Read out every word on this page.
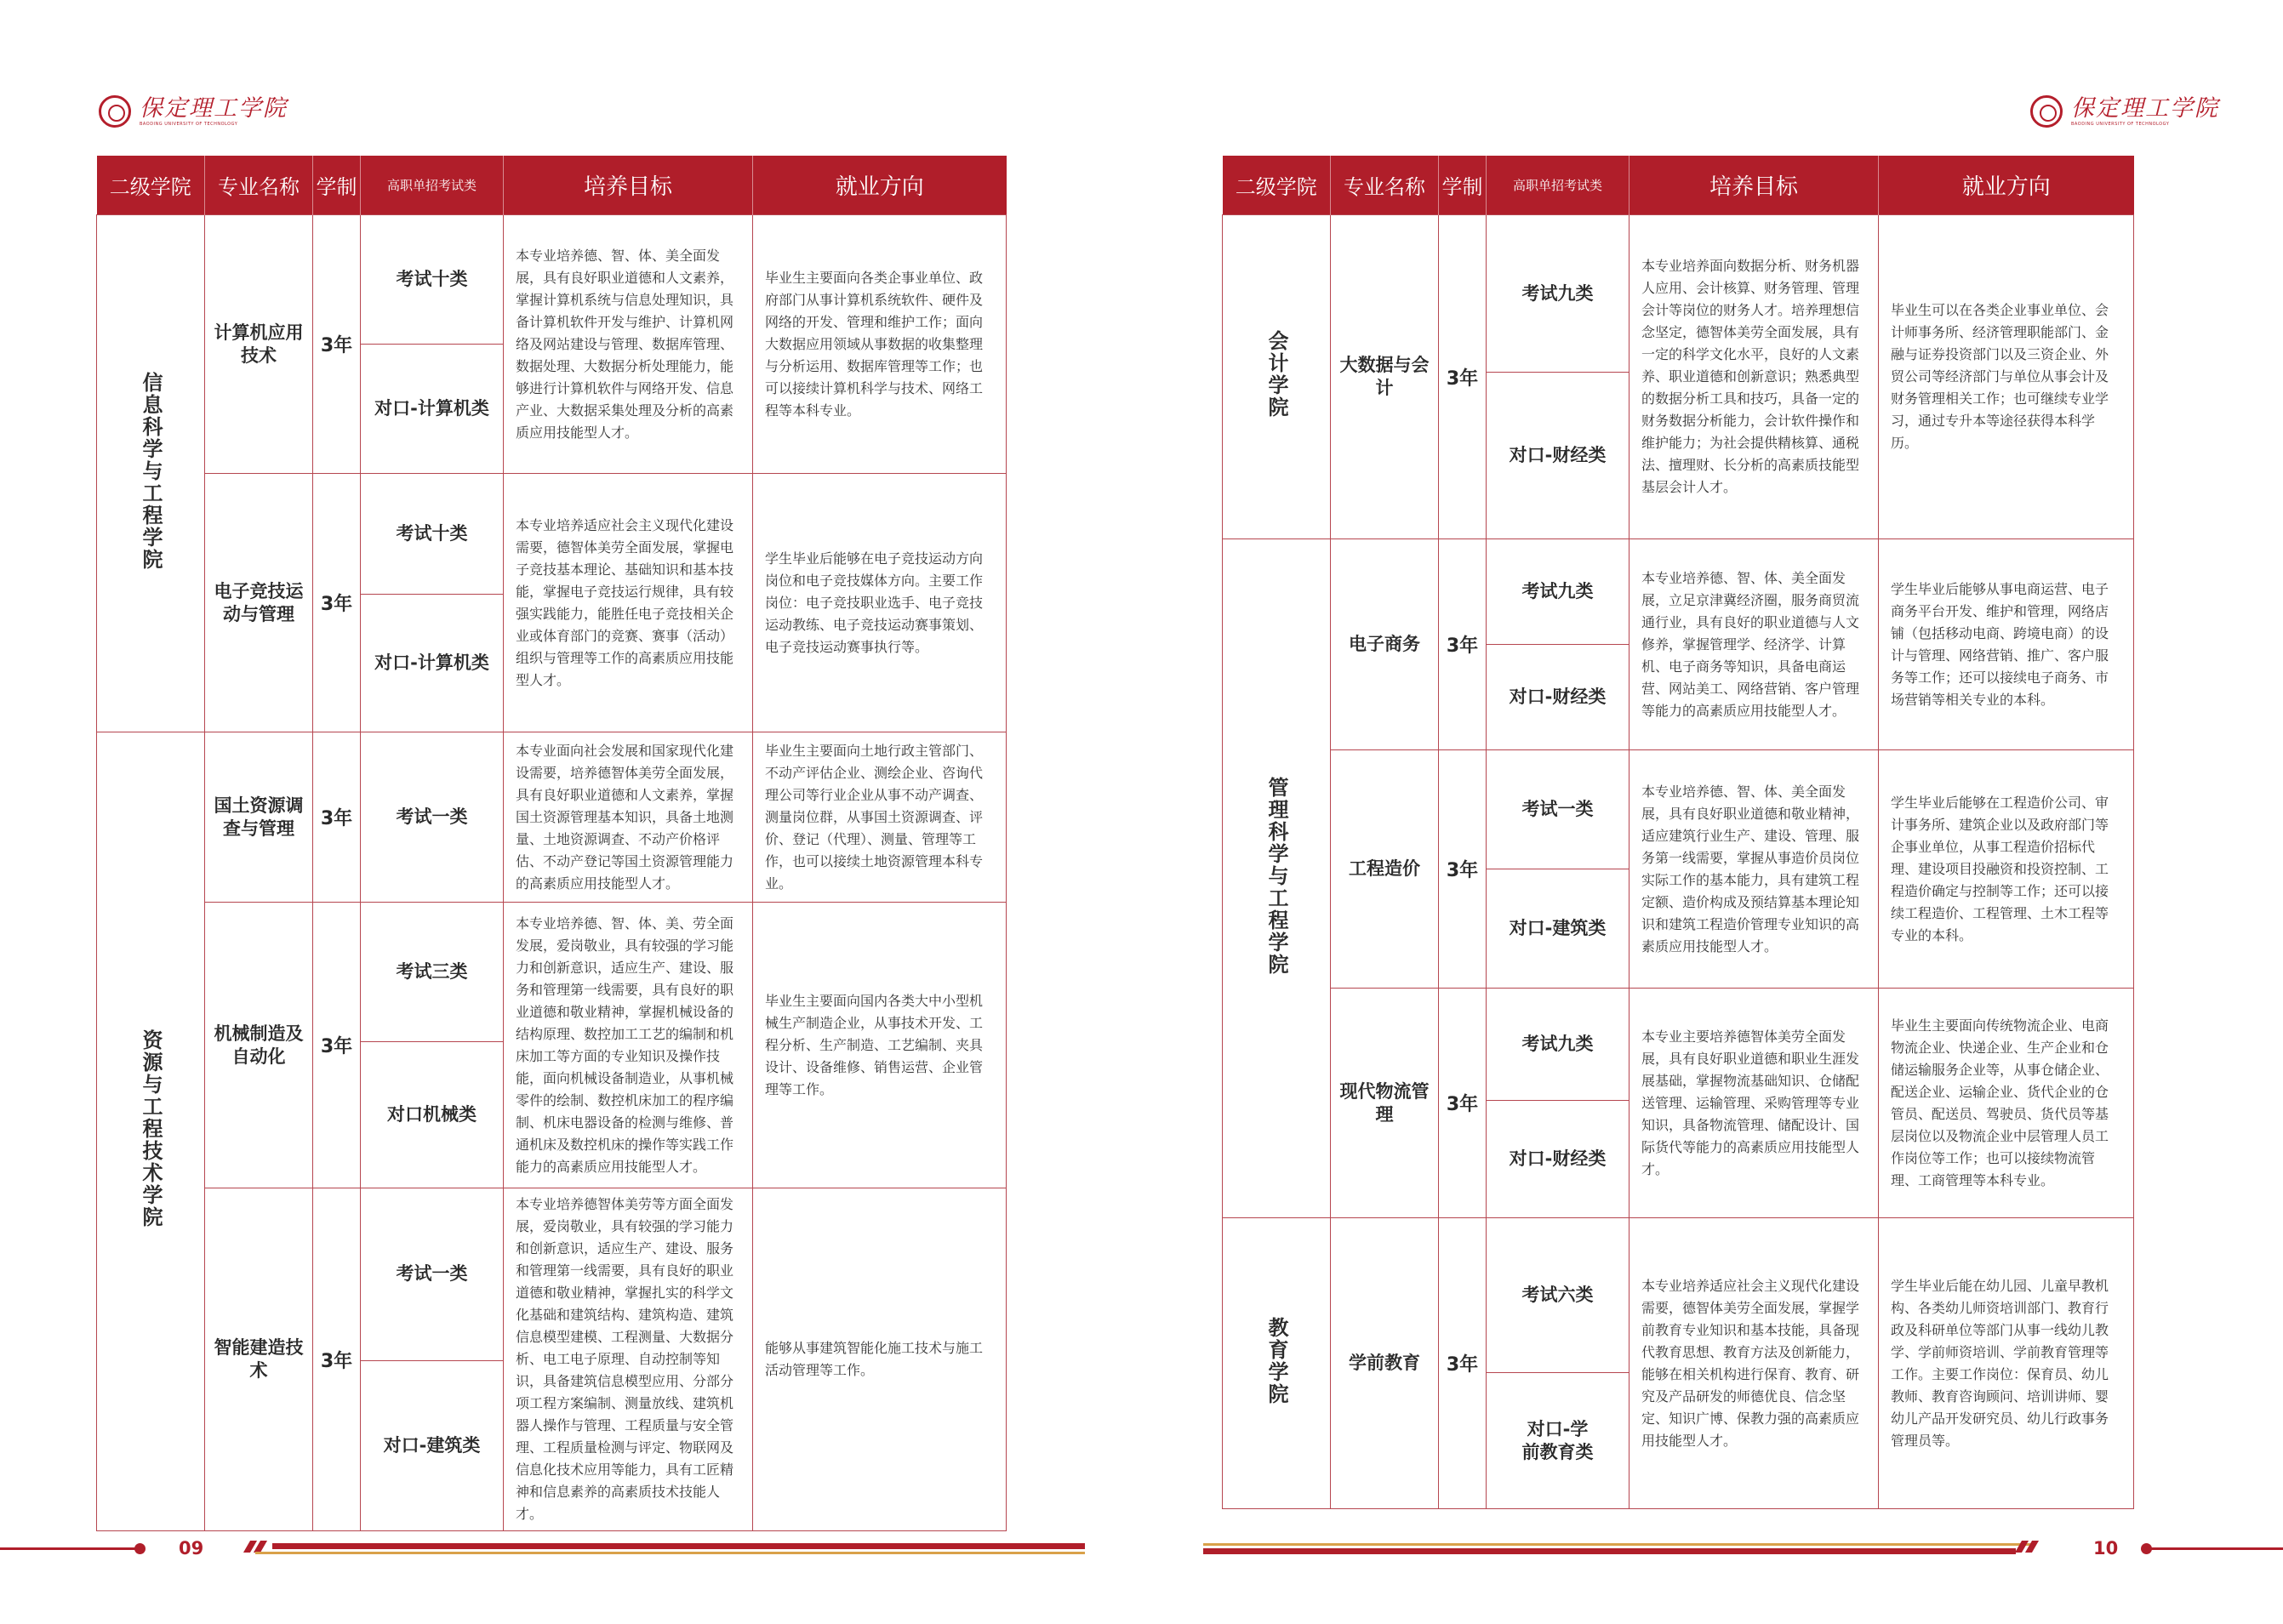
保定理工学院
BAODING UNIVERSITY OF TECHNOLOGY
二级学院	专业名称	学制	高职单招考试类	培养目标	就业方向
信息科学与工程学院	计算机应用技术	3年	考试十类	本专业培养德、智、体、美全面发展，具有良好职业道德和人文素养，掌握计算机系统与信息处理知识，具备计算机软件开发与维护、计算机网络及网站建设与管理、数据库管理、数据处理、大数据分析处理能力，能够进行计算机软件与网络开发、信息产业、大数据采集处理及分析的高素质应用技能型人才。	毕业生主要面向各类企事业单位、政府部门从事计算机系统软件、硬件及网络的开发、管理和维护工作；面向大数据应用领域从事数据的收集整理与分析运用、数据库管理等工作；也可以接续计算机科学与技术、网络工程等本科专业。
			对口-计算机类		
	电子竞技运动与管理	3年	考试十类	本专业培养适应社会主义现代化建设需要，德智体美劳全面发展，掌握电子竞技基本理论、基础知识和基本技能，掌握电子竞技运行规律，具有较强实践能力，能胜任电子竞技相关企业或体育部门的竞赛、赛事（活动）组织与管理等工作的高素质应用技能型人才。	学生毕业后能够在电子竞技运动方向岗位和电子竞技媒体方向。主要工作岗位：电子竞技职业选手、电子竞技运动教练、电子竞技运动赛事策划、电子竞技运动赛事执行等。
			对口-计算机类		
资源与工程技术学院	国土资源调查与管理	3年	考试一类	本专业面向社会发展和国家现代化建设需要，培养德智体美劳全面发展，具有良好职业道德和人文素养，掌握国土资源管理基本知识，具备土地测量、土地资源调查、不动产价格评估、不动产登记等国土资源管理能力的高素质应用技能型人才。	毕业生主要面向土地行政主管部门、不动产评估企业、测绘企业、咨询代理公司等行业企业从事不动产调查、测量岗位群，从事国土资源调查、评价、登记（代理）、测量、管理等工作，也可以接续土地资源管理本科专业。
	机械制造及自动化	3年	考试三类	本专业培养德、智、体、美、劳全面发展，爱岗敬业，具有较强的学习能力和创新意识，适应生产、建设、服务和管理第一线需要，具有良好的职业道德和敬业精神，掌握机械设备的结构原理、数控加工工艺的编制和机床加工等方面的专业知识及操作技能，面向机械设备制造业，从事机械零件的绘制、数控机床加工的程序编制、机床电器设备的检测与维修、普通机床及数控机床的操作等实践工作能力的高素质应用技能型人才。	毕业生主要面向国内各类大中小型机械生产制造企业，从事技术开发、工程分析、生产制造、工艺编制、夹具设计、设备维修、销售运营、企业管理等工作。
			对口机械类		
	智能建造技术	3年	考试一类	本专业培养德智体美劳等方面全面发展，爱岗敬业，具有较强的学习能力和创新意识，适应生产、建设、服务和管理第一线需要，具有良好的职业道德和敬业精神，掌握扎实的科学文化基础和建筑结构、建筑构造、建筑信息模型建模、工程测量、大数据分析、电工电子原理、自动控制等知识，具备建筑信息模型应用、分部分项工程方案编制、测量放线、建筑机器人操作与管理、工程质量与安全管理、工程质量检测与评定、物联网及信息化技术应用等能力，具有工匠精神和信息素养的高素质技术技能人才。	能够从事建筑智能化施工技术与施工活动管理等工作。
			对口-建筑类		
09
保定理工学院
BAODING UNIVERSITY OF TECHNOLOGY
二级学院	专业名称	学制	高职单招考试类	培养目标	就业方向
会计学院	大数据与会计	3年	考试九类	本专业培养面向数据分析、财务机器人应用、会计核算、财务管理、管理会计等岗位的财务人才。培养理想信念坚定，德智体美劳全面发展，具有一定的科学文化水平，良好的人文素养、职业道德和创新意识；熟悉典型的数据分析工具和技巧，具备一定的财务数据分析能力，会计软件操作和维护能力；为社会提供精核算、通税法、擅理财、长分析的高素质技能型基层会计人才。	毕业生可以在各类企业事业单位、会计师事务所、经济管理职能部门、金融与证券投资部门以及三资企业、外贸公司等经济部门与单位从事会计及财务管理相关工作；也可继续专业学习，通过专升本等途径获得本科学历。
			对口-财经类		
管理科学与工程学院	电子商务	3年	考试九类	本专业培养德、智、体、美全面发展，立足京津冀经济圈，服务商贸流通行业，具有良好的职业道德与人文修养，掌握管理学、经济学、计算机、电子商务等知识，具备电商运营、网站美工、网络营销、客户管理等能力的高素质应用技能型人才。	学生毕业后能够从事电商运营、电子商务平台开发、维护和管理，网络店铺（包括移动电商、跨境电商）的设计与管理、网络营销、推广、客户服务等工作；还可以接续电子商务、市场营销等相关专业的本科。
			对口-财经类		
	工程造价	3年	考试一类	本专业培养德、智、体、美全面发展，具有良好职业道德和敬业精神，适应建筑行业生产、建设、管理、服务第一线需要，掌握从事造价员岗位实际工作的基本能力，具有建筑工程定额、造价构成及预结算基本理论知识和建筑工程造价管理专业知识的高素质应用技能型人才。	学生毕业后能够在工程造价公司、审计事务所、建筑企业以及政府部门等企事业单位，从事工程造价招标代理、建设项目投融资和投资控制、工程造价确定与控制等工作；还可以接续工程造价、工程管理、土木工程等专业的本科。
			对口-建筑类		
	现代物流管理	3年	考试九类	本专业主要培养德智体美劳全面发展，具有良好职业道德和职业生涯发展基础，掌握物流基础知识、仓储配送管理、运输管理、采购管理等专业知识，具备物流管理、储配设计、国际货代等能力的高素质应用技能型人才。	毕业生主要面向传统物流企业、电商物流企业、快递企业、生产企业和仓储运输服务企业等，从事仓储企业、配送企业、运输企业、货代企业的仓管员、配送员、驾驶员、货代员等基层岗位以及物流企业中层管理人员工作岗位等工作；也可以接续物流管理、工商管理等本科专业。
			对口-财经类		
教育学院	学前教育	3年	考试六类	本专业培养适应社会主义现代化建设需要，德智体美劳全面发展，掌握学前教育专业知识和基本技能，具备现代教育思想、教育方法及创新能力，能够在相关机构进行保育、教育、研究及产品研发的师德优良、信念坚定、知识广博、保教力强的高素质应用技能型人才。	学生毕业后能在幼儿园、儿童早教机构、各类幼儿师资培训部门、教育行政及科研单位等部门从事一线幼儿教学、学前师资培训、学前教育管理等工作。主要工作岗位：保育员、幼儿教师、教育咨询顾问、培训讲师、婴幼儿产品开发研究员、幼儿行政事务管理员等。
			对口-学前教育类		
10
